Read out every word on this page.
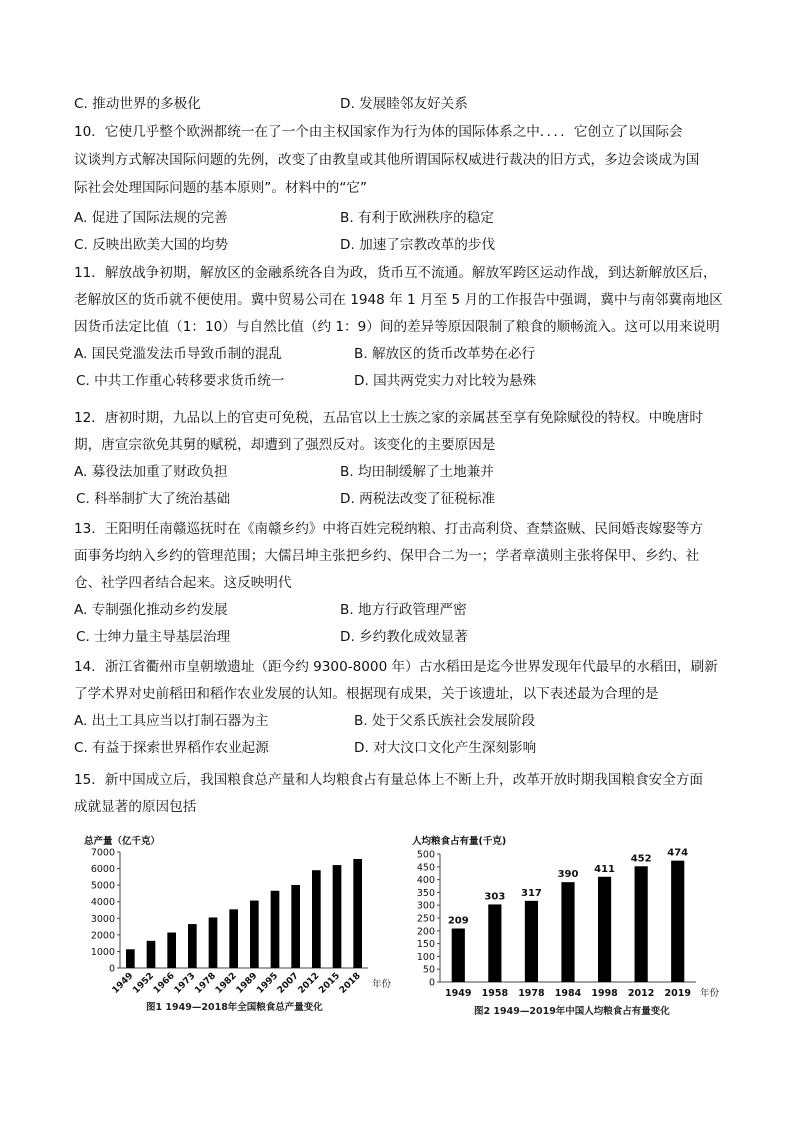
C. 推动世界的多极化	D. 发展睦邻友好关系
10．它使几乎整个欧洲都统一在了一个由主权国家作为行为体的国际体系之中．．．．它创立了以国际会
议谈判方式解决国际问题的先例，改变了由教皇或其他所谓国际权威进行裁决的旧方式，多边会谈成为国
际社会处理国际问题的基本原则”。材料中的“它”
A. 促进了国际法规的完善	B. 有利于欧洲秩序的稳定
C. 反映出欧美大国的均势	D. 加速了宗教改革的步伐
11．解放战争初期，解放区的金融系统各自为政，货币互不流通。解放军跨区运动作战，到达新解放区后，
老解放区的货币就不便使用。冀中贸易公司在 1948 年 1 月至 5 月的工作报告中强调，冀中与南邻冀南地区
因货币法定比值（1：10）与自然比值（约 1：9）间的差异等原因限制了粮食的顺畅流入。这可以用来说明
A. 国民党滥发法币导致币制的混乱	B. 解放区的货币改革势在必行
C. 中共工作重心转移要求货币统一	D. 国共两党实力对比较为悬殊
12．唐初时期，九品以上的官吏可免税，五品官以上士族之家的亲属甚至享有免除赋役的特权。中晚唐时
期，唐宣宗欲免其舅的赋税，却遭到了强烈反对。该变化的主要原因是
A. 募役法加重了财政负担	B. 均田制缓解了土地兼并
C. 科举制扩大了统治基础	D. 两税法改变了征税标准
13．王阳明任南赣巡抚时在《南赣乡约》中将百姓完税纳粮、打击高利贷、查禁盗贼、民间婚丧嫁娶等方
面事务均纳入乡约的管理范围；大儒吕坤主张把乡约、保甲合二为一；学者章潢则主张将保甲、乡约、社
仓、社学四者结合起来。这反映明代
A. 专制强化推动乡约发展	B. 地方行政管理严密
C. 士绅力量主导基层治理	D. 乡约教化成效显著
14．浙江省衢州市皇朝墩遗址（距今约 9300-8000 年）古水稻田是迄今世界发现年代最早的水稻田，刷新
了学术界对史前稻田和稻作农业发展的认知。根据现有成果，关于该遗址，以下表述最为合理的是
A. 出土工具应当以打制石器为主	B. 处于父系氏族社会发展阶段
C. 有益于探索世界稻作农业起源	D. 对大汶口文化产生深刻影响
15．新中国成立后，我国粮食总产量和人均粮食占有量总体上不断上升，改革开放时期我国粮食安全方面
成就显著的原因包括
总产量（亿千克）
0
1000
2000
3000
4000
5000
6000
7000
1949
1952
1966
1973
1978
1982
1989
1995
2007
2012
2015
2018 年份
图1 1949—2018年全国粮食总产量变化
人均粮食占有量(千克)
0
50
100
150
200
250
300
350
400
450
500
209
1949
303
1958
317
1978
390
1984
411
1998
452
2012
474
2019 年份
图2 1949—2019年中国人均粮食占有量变化
